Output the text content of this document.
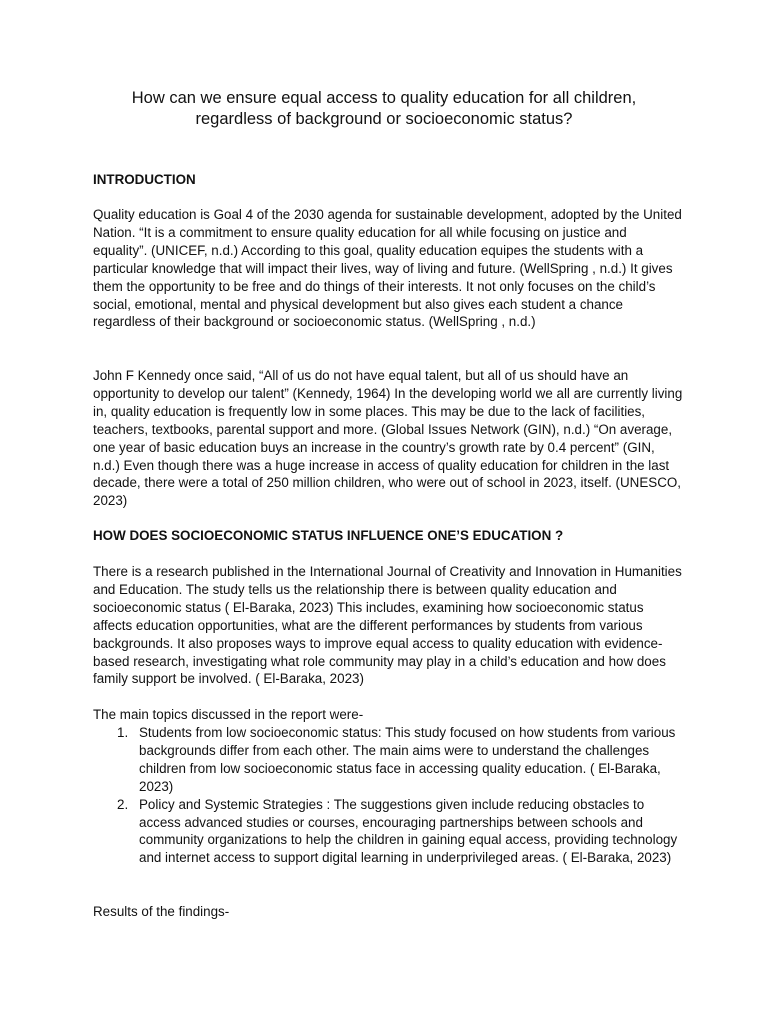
How can we ensure equal access to quality education for all children, regardless of background or socioeconomic status?
INTRODUCTION
Quality education is Goal 4 of the 2030 agenda for sustainable development, adopted by the United Nation. “It is a commitment to ensure quality education for all while focusing on justice and equality”. (UNICEF, n.d.) According to this goal, quality education equipes the students with a particular knowledge that will impact their lives, way of living and future. (WellSpring , n.d.) It gives them the opportunity to be free and do things of their interests. It not only focuses on the child’s social, emotional, mental and physical development but also gives each student a chance regardless of their background or socioeconomic status. (WellSpring , n.d.)
John F Kennedy once said, “All of us do not have equal talent, but all of us should have an opportunity to develop our talent” (Kennedy, 1964) In the developing world we all are currently living in, quality education is frequently low in some places. This may be due to the lack of facilities, teachers, textbooks, parental support and more. (Global Issues Network (GIN), n.d.) “On average, one year of basic education buys an increase in the country’s growth rate by 0.4 percent” (GIN, n.d.) Even though there was a huge increase in access of quality education for children in the last decade, there were a total of 250 million children, who were out of school in 2023, itself. (UNESCO, 2023)
HOW DOES SOCIOECONOMIC STATUS INFLUENCE ONE’S EDUCATION ?
There is a research published in the International Journal of Creativity and Innovation in Humanities and Education. The study tells us the relationship there is between quality education and socioeconomic status ( El-Baraka, 2023) This includes, examining how socioeconomic status affects education opportunities, what are the different performances by students from various backgrounds. It also proposes ways to improve equal access to quality education with evidence-based research, investigating what role community may play in a child’s education and how does family support be involved. ( El-Baraka, 2023)
The main topics discussed in the report were-
1. Students from low socioeconomic status: This study focused on how students from various backgrounds differ from each other. The main aims were to understand the challenges children from low socioeconomic status face in accessing quality education. ( El-Baraka, 2023)
2. Policy and Systemic Strategies : The suggestions given include reducing obstacles to access advanced studies or courses, encouraging partnerships between schools and community organizations to help the children in gaining equal access, providing technology and internet access to support digital learning in underprivileged areas. ( El-Baraka, 2023)
Results of the findings-
